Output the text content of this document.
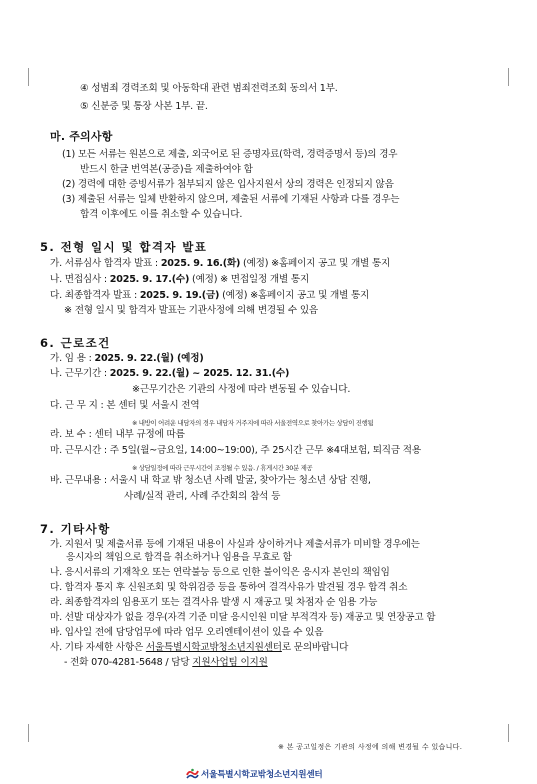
④ 성범죄 경력조회 및 아동학대 관련 범죄전력조회 동의서 1부.
⑤ 신분증 및 통장 사본 1부. 끝.
마. 주의사항
(1) 모든 서류는 원본으로 제출, 외국어로 된 증명자료(학력, 경력증명서 등)의 경우
반드시 한글 번역본(공증)을 제출하여야 함
(2) 경력에 대한 증빙서류가 첨부되지 않은 입사지원서 상의 경력은 인정되지 않음
(3) 제출된 서류는 일체 반환하지 않으며, 제출된 서류에 기재된 사항과 다를 경우는
합격 이후에도 이를 취소할 수 있습니다.
5. 전형 일시 및 합격자 발표
가. 서류심사 합격자 발표 : 2025. 9. 16.(화) (예정) ※홈페이지 공고 및 개별 통지
나. 면접심사 : 2025. 9. 17.(수) (예정) ※ 면접일정 개별 통지
다. 최종합격자 발표 : 2025. 9. 19.(금) (예정) ※홈페이지 공고 및 개별 통지
※ 전형 일시 및 합격자 발표는 기관사정에 의해 변경될 수 있음
6. 근로조건
가. 임 용 : 2025. 9. 22.(월) (예정)
나. 근무기간 : 2025. 9. 22.(월) ~ 2025. 12. 31.(수)
※근무기간은 기관의 사정에 따라 변동될 수 있습니다.
다. 근 무 지 : 본 센터 및 서울시 전역
※ 내방이 어려운 내담자의 경우 내담자 거주지에 따라 서울전역으로 찾아가는 상담이 진행됨
라. 보 수 : 센터 내부 규정에 따름
마. 근무시간 : 주 5일(월~금요일, 14:00~19:00), 주 25시간 근무 ※4대보험, 퇴직금 적용
※ 상담일정에 따라 근무시간이 조정될 수 있음. / 휴게시간 30분 제공
바. 근무내용 : 서울시 내 학교 밖 청소년 사례 발굴, 찾아가는 청소년 상담 진행,
사례/실적 관리, 사례 주간회의 참석 등
7. 기타사항
가. 지원서 및 제출서류 등에 기재된 내용이 사실과 상이하거나 제출서류가 미비할 경우에는
응시자의 책임으로 합격을 취소하거나 임용을 무효로 함
나. 응시서류의 기재착오 또는 연락불능 등으로 인한 불이익은 응시자 본인의 책임임
다. 합격자 통지 후 신원조회 및 학위검증 등을 통하여 결격사유가 발견될 경우 합격 취소
라. 최종합격자의 임용포기 또는 결격사유 발생 시 재공고 및 차점자 순 임용 가능
마. 선발 대상자가 없을 경우(자격 기준 미달 응시인원 미달 부적격자 등) 재공고 및 연장공고 함
바. 입사일 전에 담당업무에 따라 업무 오리엔테이션이 있을 수 있음
사. 기타 자세한 사항은 서울특별시학교밖청소년지원센터로 문의바랍니다
- 전화 070-4281-5648 / 담당 지원사업팀 이지원
※ 본 공고일정은 기관의 사정에 의해 변경될 수 있습니다.
서울특별시학교밖청소년지원센터
